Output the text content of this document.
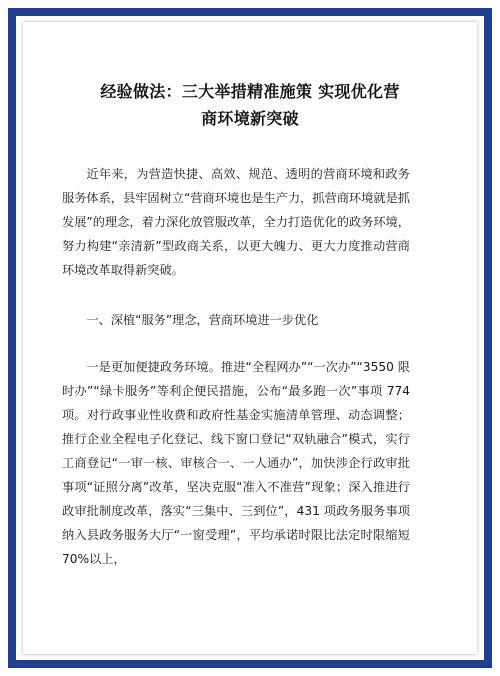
经验做法：三大举措精准施策 实现优化营
商环境新突破

近年来，为营造快捷、高效、规范、透明的营商环境和政务服务体系，县牢固树立“营商环境也是生产力，抓营商环境就是抓发展”的理念，着力深化放管服改革，全力打造优化的政务环境，努力构建“亲清新”型政商关系，以更大魄力、更大力度推动营商环境改革取得新突破。

一、深植“服务”理念，营商环境进一步优化

一是更加便捷政务环境。推进“全程网办”“一次办”“3550 限时办”“绿卡服务”等利企便民措施，公布“最多跑一次”事项 774 项。对行政事业性收费和政府性基金实施清单管理、动态调整；推行企业全程电子化登记、线下窗口登记“双轨融合”模式，实行工商登记“一审一核、审核合一、一人通办”，加快涉企行政审批事项“证照分离”改革，坚决克服“准入不准营”现象；深入推进行政审批制度改革，落实“三集中、三到位”，431 项政务服务事项纳入县政务服务大厅“一窗受理”，平均承诺时限比法定时限缩短 70%以上，
